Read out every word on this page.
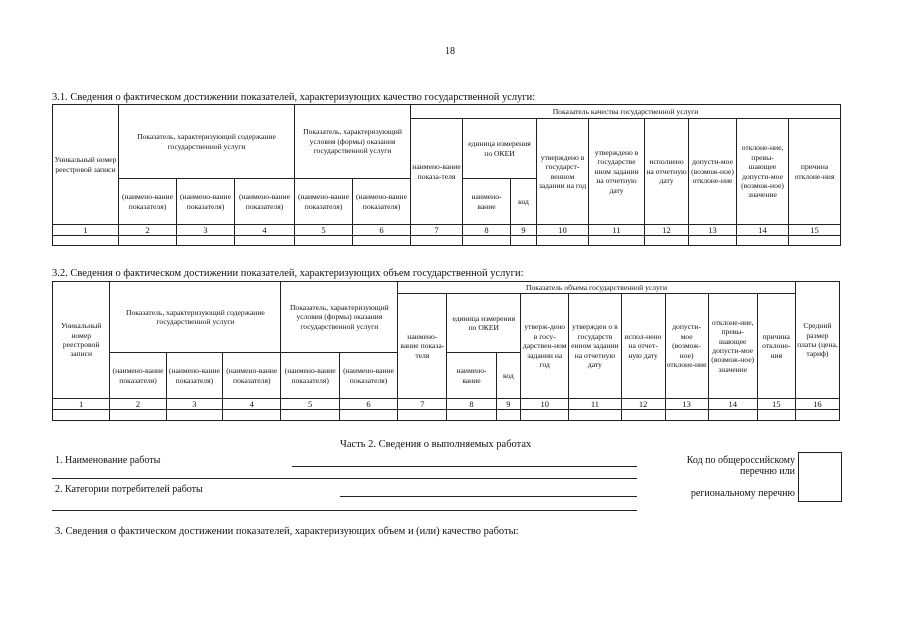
18
3.1. Сведения о фактическом достижении показателей, характеризующих качество государственной услуги:
Уникальный номер реестровой записи	Показатель, характеризующий содержание государственной услуги			Показатель, характеризующий условия (формы) оказания государственной услуги		Показатель качества государственной услуги								
						наимено-вание показа-теля	единица измерения по ОКЕИ		утверждено в государст-венном задании на год	утверждено в государстве нном задании на отчетную дату	исполнено на отчетную дату	допусти-мое (возмож-ное) отклоне-ние	отклоне-ние, превы-шающее допусти-мое (возмож-ное) значение	причина отклоне-ния
	(наимено-вание показателя)	(наимено-вание показателя)	(наимено-вание показателя)	(наимено-вание показателя)	(наимено-вание показателя)		наимено-вание	код						
1	2	3	4	5	6	7	8	9	10	11	12	13	14	15

3.2. Сведения о фактическом достижении показателей, характеризующих объем государственной услуги:
Уникальный номер реестровой записи	Показатель, характеризующий содержание государственной услуги			Показатель, характеризующий условия (формы) оказания государственной услуги		Показатель объема государственной услуги									Средний размер платы (цена, тариф)
						наимено-вание показа-теля	единица измерения по ОКЕИ		утверж-дено в госу-дарствен-ном задании на год	утвержден о в государств енном задании на отчетную дату	испол-нено на отчет-ную дату	допусти-мое (возмож-ное) отклоне-ние	отклоне-ние, превы-шающее допусти-мое (возмож-ное) значение	причина отклоне-ния	
	(наимено-вание показателя)	(наимено-вание показателя)	(наимено-вание показателя)	(наимено-вание показателя)	(наимено-вание показателя)		наимено-вание	код							
1	2	3	4	5	6	7	8	9	10	11	12	13	14	15	16

Часть 2. Сведения о выполняемых работах
1. Наименование работы
2. Категории потребителей работы
Код по общероссийскому
перечню или
региональному перечню
3. Сведения о фактическом достижении показателей, характеризующих объем и (или) качество работы:
